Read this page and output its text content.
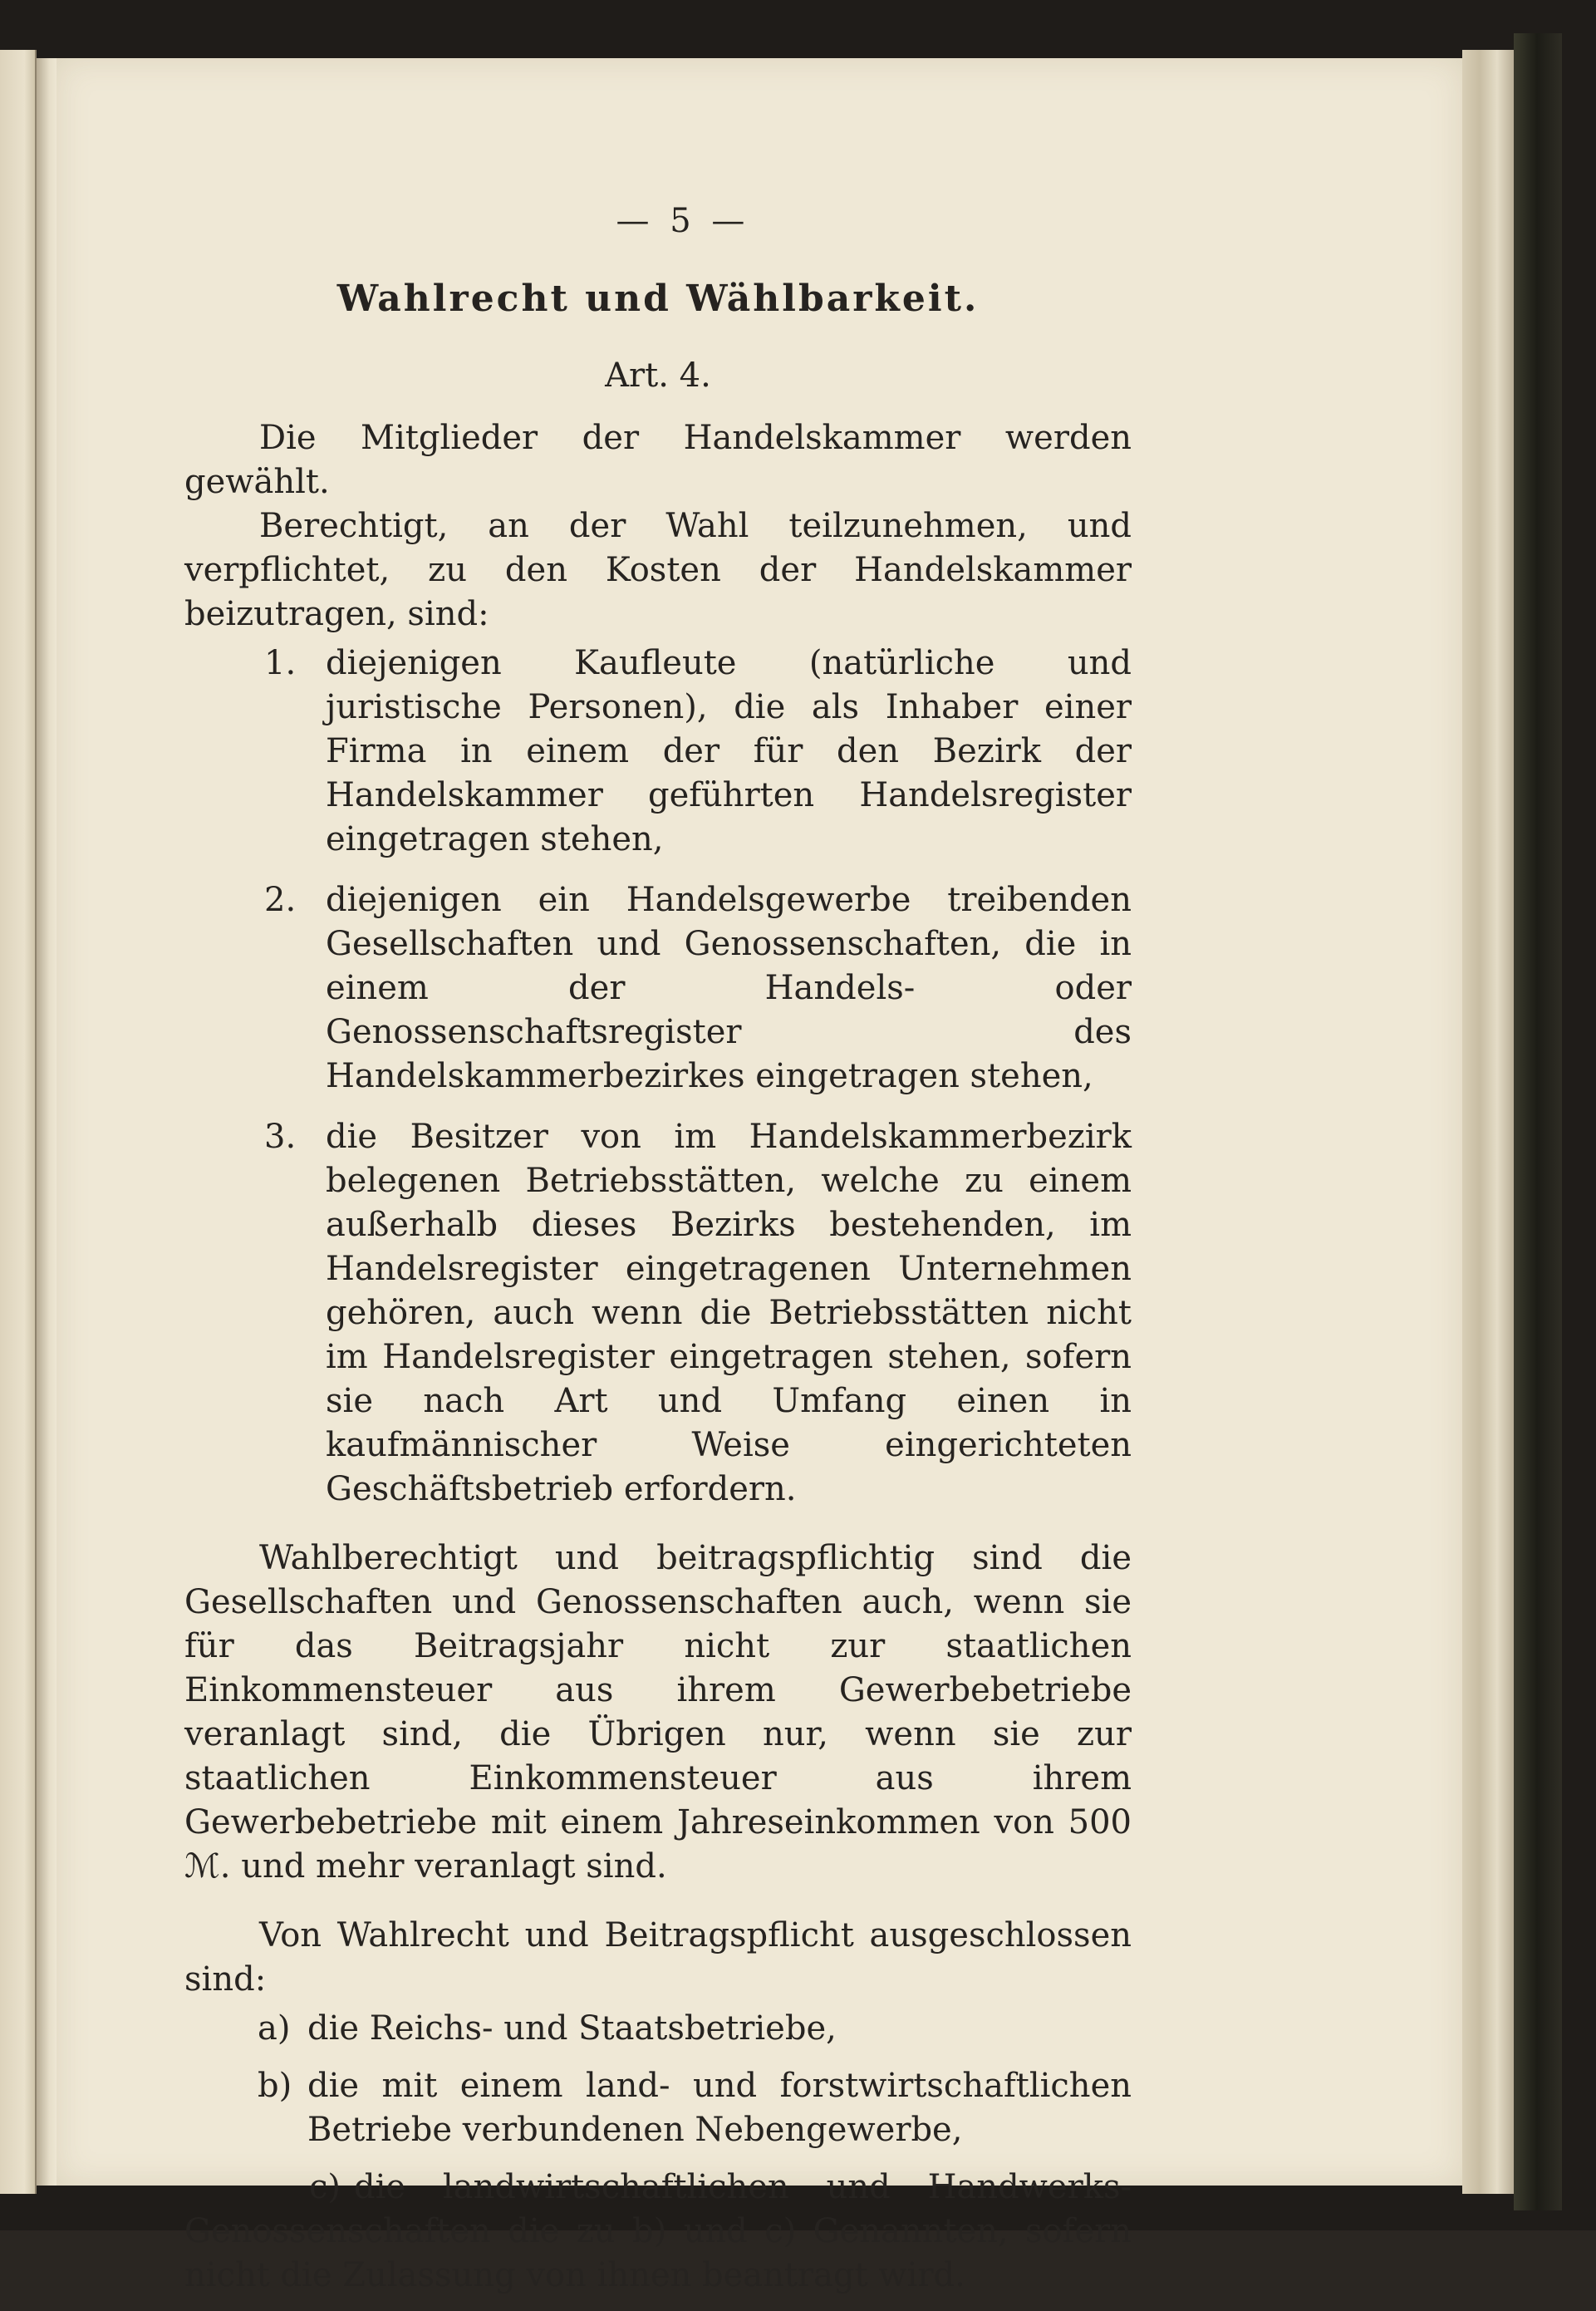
— 5 —
Wahlrecht und Wählbarkeit.
Art. 4.

Die Mitglieder der Handelskammer werden gewählt.

Berechtigt, an der Wahl teilzunehmen, und verpflichtet, zu den Kosten der Handelskammer beizutragen, sind:

1. diejenigen Kaufleute (natürliche und juristische Personen), die als Inhaber einer Firma in einem der für den Bezirk der Handelskammer geführten Handelsregister eingetragen stehen,
2. diejenigen ein Handelsgewerbe treibenden Gesellschaften und Genossenschaften, die in einem der Handels- oder Genossenschaftsregister des Handelskammerbezirkes eingetragen stehen,
3. die Besitzer von im Handelskammerbezirk belegenen Betriebsstätten, welche zu einem außerhalb dieses Bezirks bestehenden, im Handelsregister eingetragenen Unternehmen gehören, auch wenn die Betriebsstätten nicht im Handelsregister eingetragen stehen, sofern sie nach Art und Umfang einen in kaufmännischer Weise eingerichteten Geschäftsbetrieb erfordern.

Wahlberechtigt und beitragspflichtig sind die Gesellschaften und Genossenschaften auch, wenn sie für das Beitragsjahr nicht zur staatlichen Einkommensteuer aus ihrem Gewerbebetriebe veranlagt sind, die Übrigen nur, wenn sie zur staatlichen Einkommensteuer aus ihrem Gewerbebetriebe mit einem Jahreseinkommen von 500 ℳ. und mehr veranlagt sind.

Von Wahlrecht und Beitragspflicht ausgeschlossen sind:

a) die Reichs- und Staatsbetriebe,
b) die mit einem land- und forstwirtschaftlichen Betriebe verbundenen Nebengewerbe,
c) die landwirtschaftlichen und Handwerks-Genossenschaften die zu b) und c) Genannten, sofern nicht die Zulassung von ihnen beantragt wird.
